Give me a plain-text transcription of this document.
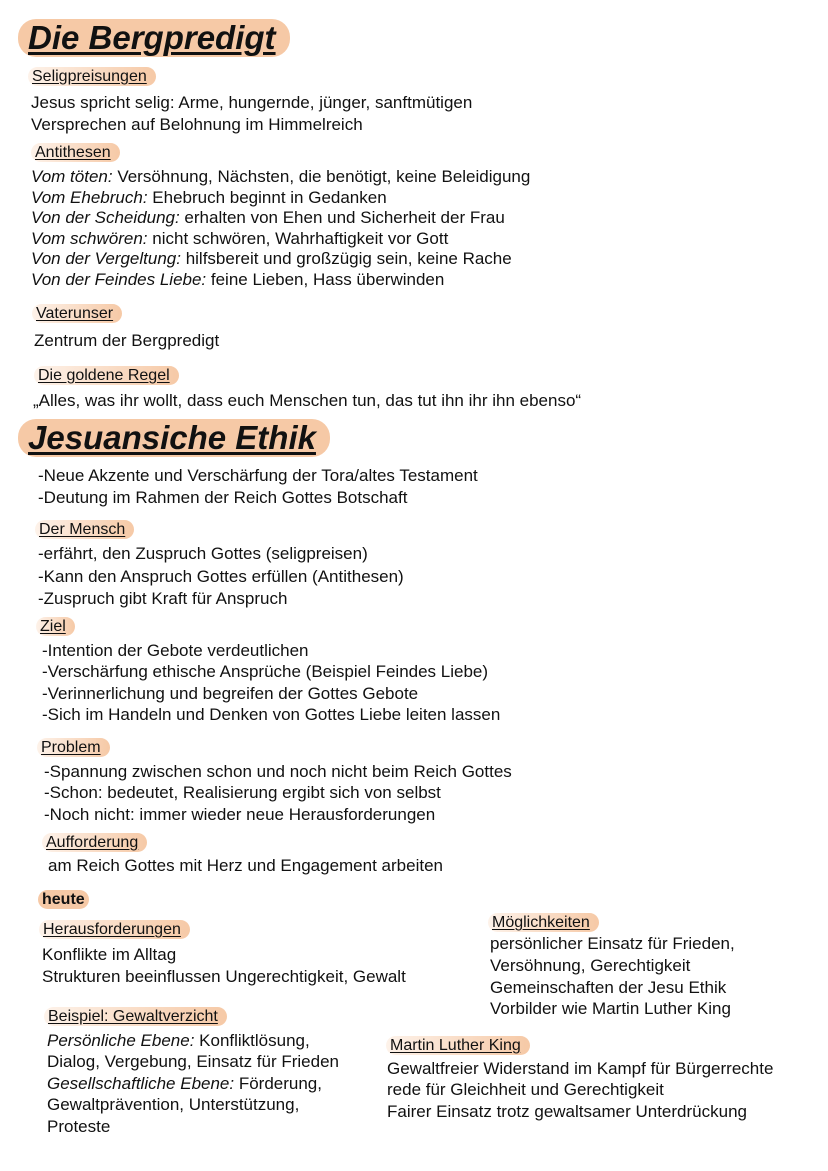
Die Bergpredigt
Seligpreisungen
Jesus spricht selig: Arme, hungernde, jünger, sanftmütigen
Versprechen auf Belohnung im Himmelreich
Antithesen
Vom töten: Versöhnung, Nächsten, die benötigt, keine Beleidigung
Vom Ehebruch: Ehebruch beginnt in Gedanken
Von der Scheidung: erhalten von Ehen und Sicherheit der Frau
Vom schwören: nicht schwören, Wahrhaftigkeit vor Gott
Von der Vergeltung: hilfsbereit und großzügig sein, keine Rache
Von der Feindes Liebe: feine Lieben, Hass überwinden
Vaterunser
Zentrum der Bergpredigt
Die goldene Regel
„Alles, was ihr wollt, dass euch Menschen tun, das tut ihn ihr ihn ebenso“
Jesuansiche Ethik
-Neue Akzente und Verschärfung der Tora/altes Testament
-Deutung im Rahmen der Reich Gottes Botschaft
Der Mensch
-erfährt, den Zuspruch Gottes (seligpreisen)
-Kann den Anspruch Gottes erfüllen (Antithesen)
-Zuspruch gibt Kraft für Anspruch
Ziel
-Intention der Gebote verdeutlichen
-Verschärfung ethische Ansprüche (Beispiel Feindes Liebe)
-Verinnerlichung und begreifen der Gottes Gebote
-Sich im Handeln und Denken von Gottes Liebe leiten lassen
Problem
-Spannung zwischen schon und noch nicht beim Reich Gottes
-Schon: bedeutet, Realisierung ergibt sich von selbst
-Noch nicht: immer wieder neue Herausforderungen
Aufforderung
am Reich Gottes mit Herz und Engagement arbeiten
heute
Herausforderungen
Konflikte im Alltag
Strukturen beeinflussen Ungerechtigkeit, Gewalt
Möglichkeiten
persönlicher Einsatz für Frieden,
Versöhnung, Gerechtigkeit
Gemeinschaften der Jesu Ethik
Vorbilder wie Martin Luther King
Beispiel: Gewaltverzicht
Persönliche Ebene: Konfliktlösung,
Dialog, Vergebung, Einsatz für Frieden
Gesellschaftliche Ebene: Förderung,
Gewaltprävention, Unterstützung,
Proteste
Martin Luther King
Gewaltfreier Widerstand im Kampf für Bürgerrechte
rede für Gleichheit und Gerechtigkeit
Fairer Einsatz trotz gewaltsamer Unterdrückung
